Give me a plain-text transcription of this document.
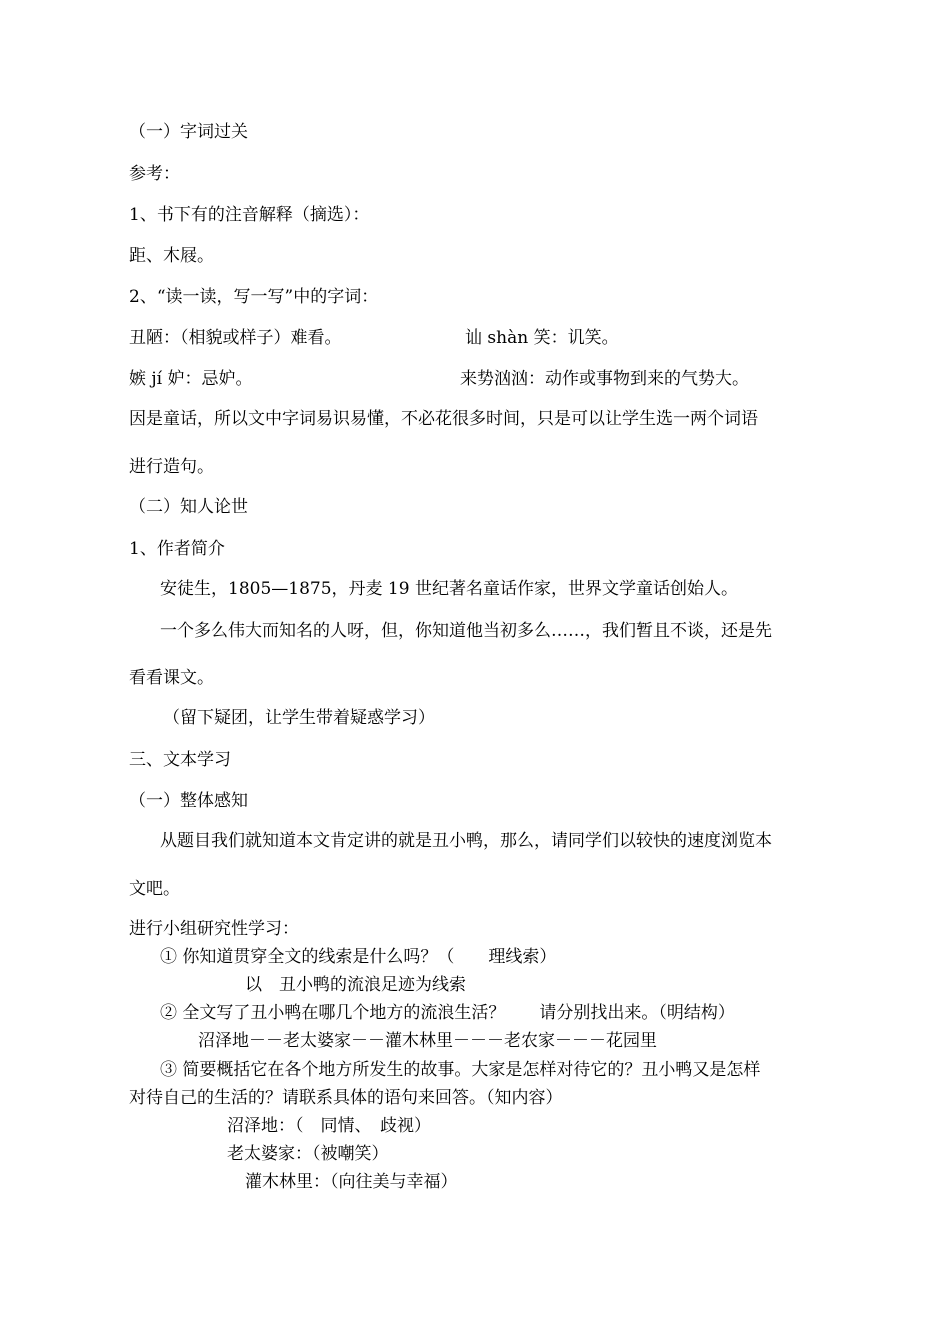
（一）字词过关
参考：
1、书下有的注音解释（摘选）：
距、木屐。
2、“读一读，写一写”中的字词：
丑陋：（相貌或样子）难看。	讪 shàn 笑：讥笑。
嫉 jí 妒：忌妒。	来势汹汹：动作或事物到来的气势大。
因是童话，所以文中字词易识易懂，不必花很多时间，只是可以让学生选一两个词语
进行造句。
（二）知人论世
1、作者简介
安徒生，1805—1875，丹麦 19 世纪著名童话作家，世界文学童话创始人。
一个多么伟大而知名的人呀，但，你知道他当初多么……，我们暂且不谈，还是先
看看课文。
（留下疑团，让学生带着疑惑学习）
三、文本学习
（一）整体感知
从题目我们就知道本文肯定讲的就是丑小鸭，那么，请同学们以较快的速度浏览本
文吧。
进行小组研究性学习：
① 你知道贯穿全文的线索是什么吗？（　　理线索）
以　丑小鸭的流浪足迹为线索
② 全文写了丑小鸭在哪几个地方的流浪生活？　　请分别找出来。（明结构）
沼泽地－－老太婆家－－灌木林里－－－老农家－－－花园里
③ 简要概括它在各个地方所发生的故事。大家是怎样对待它的？丑小鸭又是怎样
对待自己的生活的？请联系具体的语句来回答。（知内容）
沼泽地：（　同情、　歧视）
老太婆家：（被嘲笑）
灌木林里：（向往美与幸福）
